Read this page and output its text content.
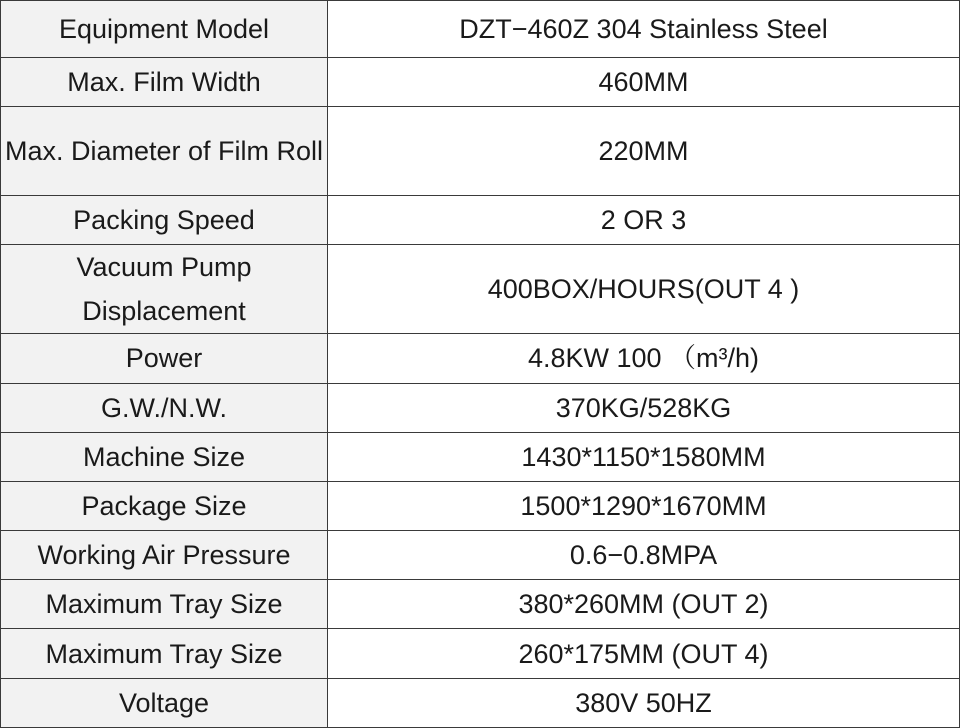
Equipment Model	DZT−460Z 304 Stainless Steel
Max. Film Width	460MM
Max. Diameter of Film Roll	220MM
Packing Speed	2 OR 3
Vacuum Pump Displacement	400BOX/HOURS(OUT 4 )
Power	4.8KW 100 （m³/h)
G.W./N.W.	370KG/528KG
Machine Size	1430*1150*1580MM
Package Size	1500*1290*1670MM
Working Air Pressure	0.6−0.8MPA
Maximum Tray Size	380*260MM (OUT 2)
Maximum Tray Size	260*175MM (OUT 4)
Voltage	380V 50HZ
